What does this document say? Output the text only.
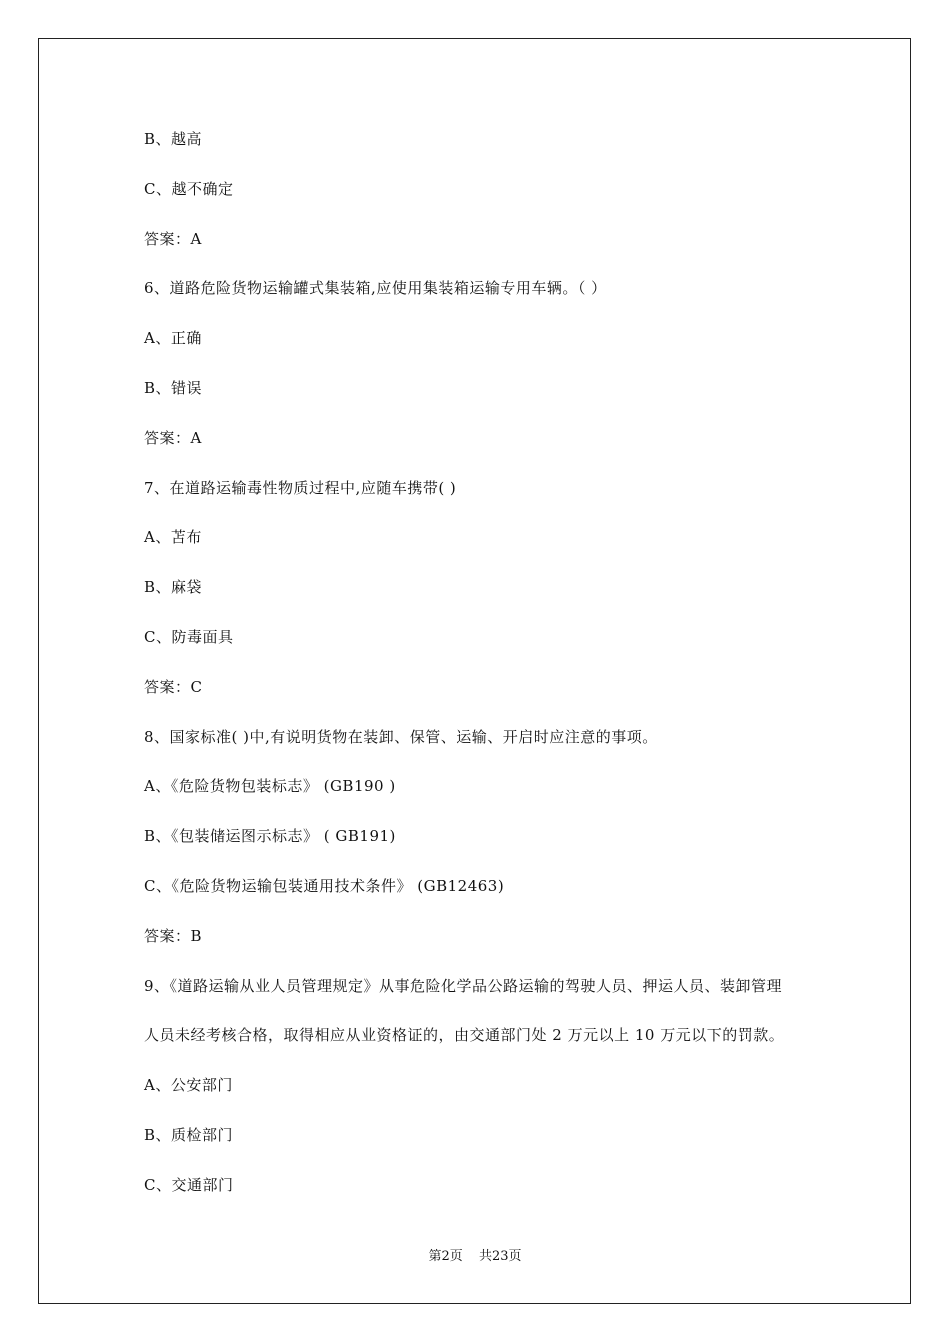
B、越高
C、越不确定
答案：A
6、道路危险货物运输罐式集装箱,应使用集装箱运输专用车辆。（ ）
A、正确
B、错误
答案：A
7、在道路运输毒性物质过程中,应随车携带( )
A、苫布
B、麻袋
C、防毒面具
答案：C
8、国家标准( )中,有说明货物在装卸、保管、运输、开启时应注意的事项。
A、《危险货物包装标志》 (GB190 )
B、《包装储运图示标志》 ( GB191)
C、《危险货物运输包装通用技术条件》 (GB12463)
答案：B
9、《道路运输从业人员管理规定》从事危险化学品公路运输的驾驶人员、押运人员、装卸管理
人员未经考核合格，取得相应从业资格证的，由交通部门处 2 万元以上 10 万元以下的罚款。
A、公安部门
B、质检部门
C、交通部门
第2页 共23页
